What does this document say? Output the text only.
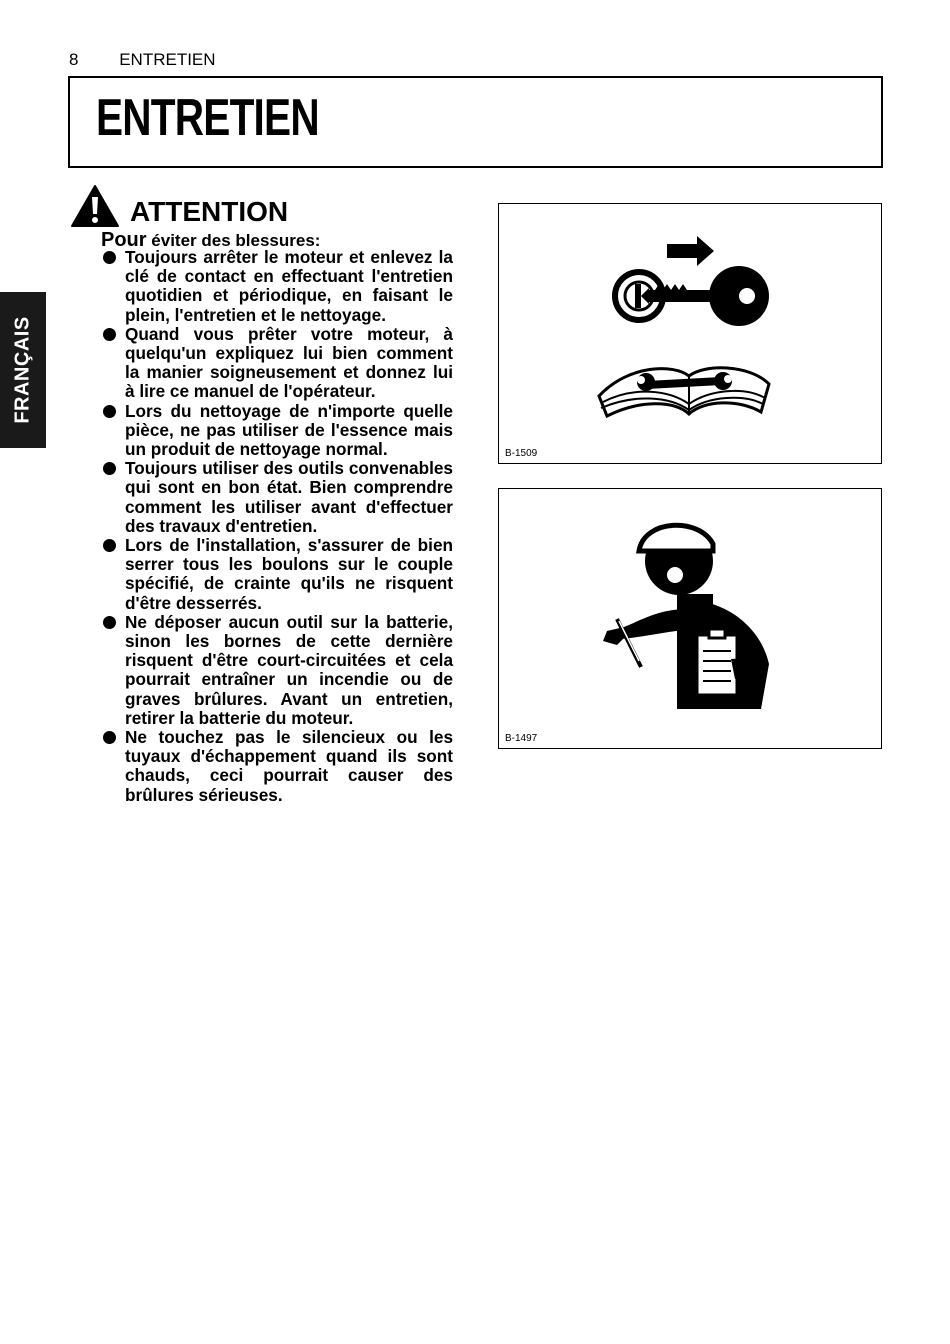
8 ENTRETIEN
ENTRETIEN
FRANÇAIS
ATTENTION
Pour éviter des blessures:
Toujours arrêter le moteur et enlevez la clé de contact en effectuant l'entretien quotidien et périodique, en faisant le plein, l'entretien et le nettoyage.
Quand vous prêter votre moteur, à quelqu'un expliquez lui bien comment la manier soigneusement et donnez lui à lire ce manuel de l'opérateur.
Lors du nettoyage de n'importe quelle pièce, ne pas utiliser de l'essence mais un produit de nettoyage normal.
Toujours utiliser des outils convenables qui sont en bon état. Bien comprendre comment les utiliser avant d'effectuer des travaux d'entretien.
Lors de l'installation, s'assurer de bien serrer tous les boulons sur le couple spécifié, de crainte qu'ils ne risquent d'être desserrés.
Ne déposer aucun outil sur la batterie, sinon les bornes de cette dernière risquent d'être court-circuitées et cela pourrait entraîner un incendie ou de graves brûlures. Avant un entretien, retirer la batterie du moteur.
Ne touchez pas le silencieux ou les tuyaux d'échappement quand ils sont chauds, ceci pourrait causer des brûlures sérieuses.
B-1509
B-1497
